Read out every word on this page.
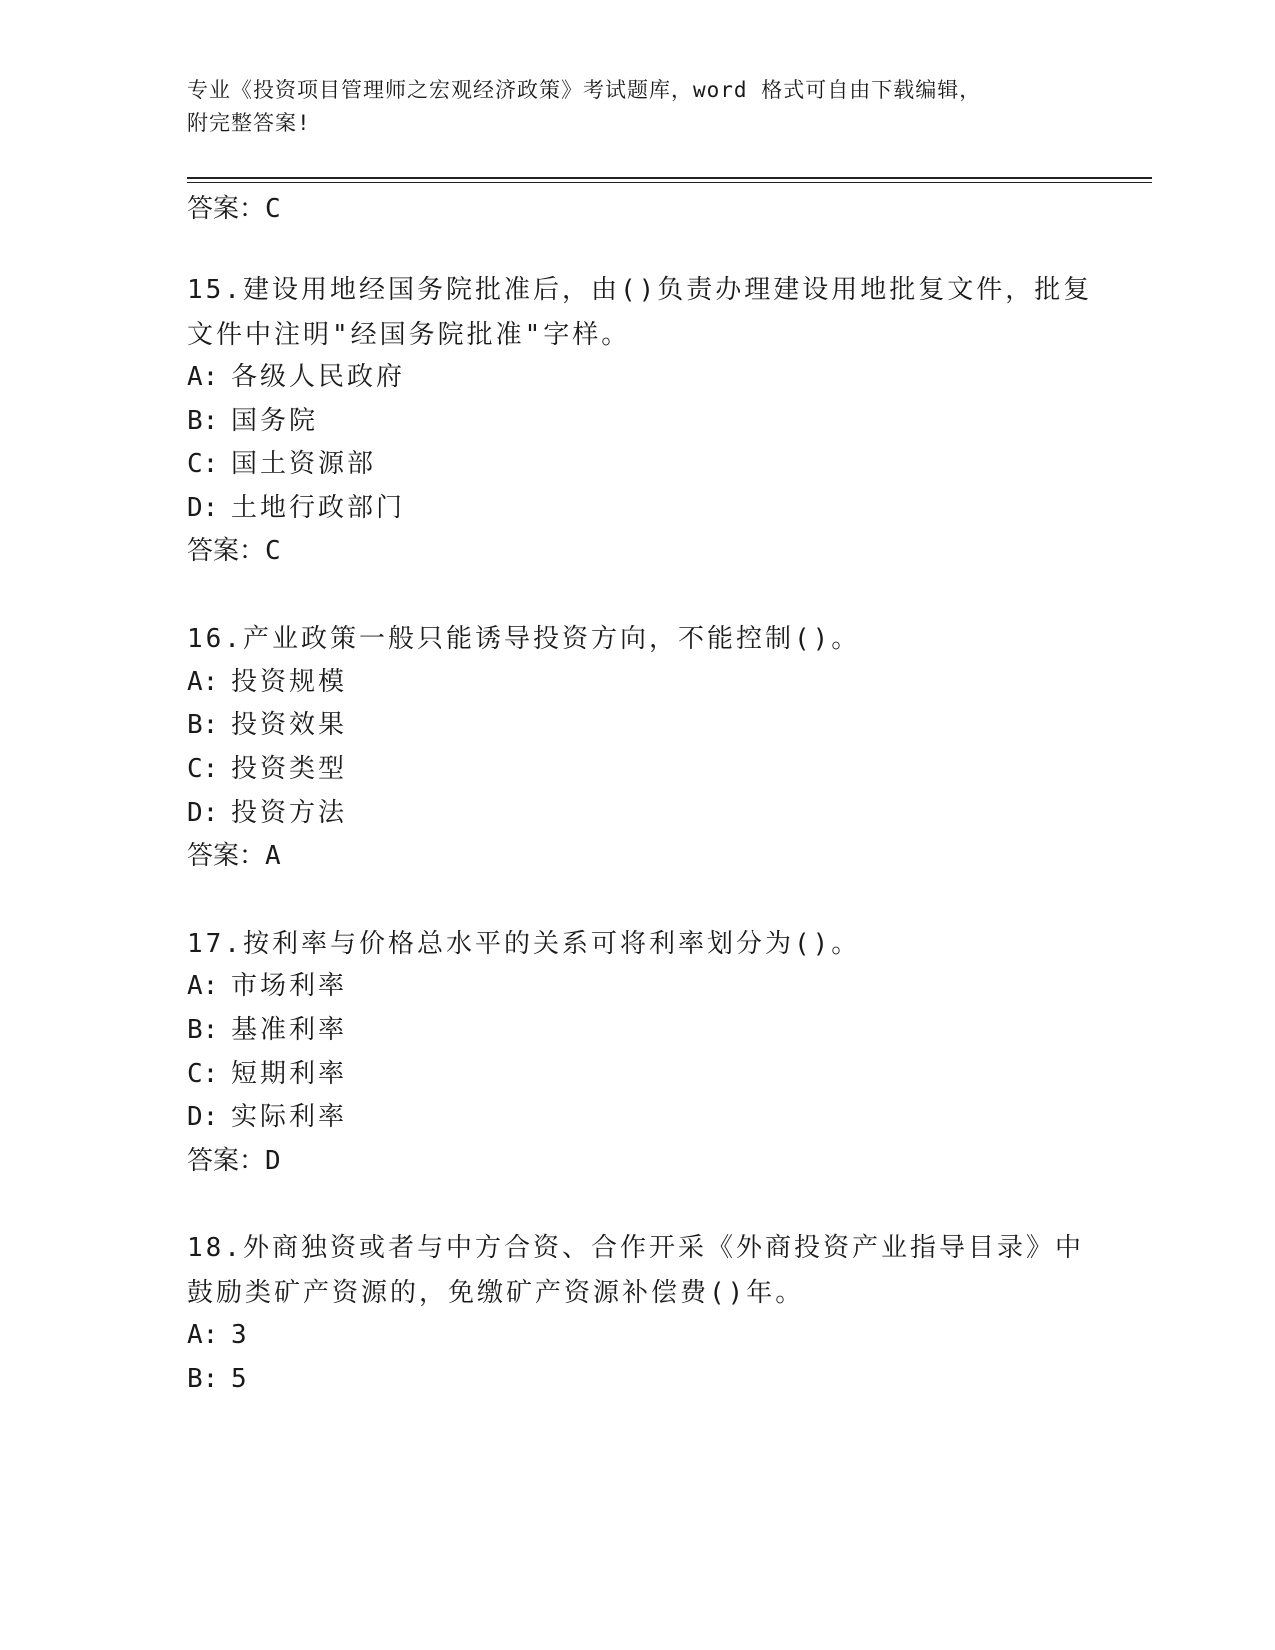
专业《投资项目管理师之宏观经济政策》考试题库，word 格式可自由下载编辑，
附完整答案!
答案：C
15.建设用地经国务院批准后，由()负责办理建设用地批复文件，批复
文件中注明"经国务院批准"字样。
A: 各级人民政府
B: 国务院
C: 国土资源部
D: 土地行政部门
答案：C
16.产业政策一般只能诱导投资方向，不能控制()。
A: 投资规模
B: 投资效果
C: 投资类型
D: 投资方法
答案：A
17.按利率与价格总水平的关系可将利率划分为()。
A: 市场利率
B: 基准利率
C: 短期利率
D: 实际利率
答案：D
18.外商独资或者与中方合资、合作开采《外商投资产业指导目录》中
鼓励类矿产资源的，免缴矿产资源补偿费()年。
A: 3
B: 5
